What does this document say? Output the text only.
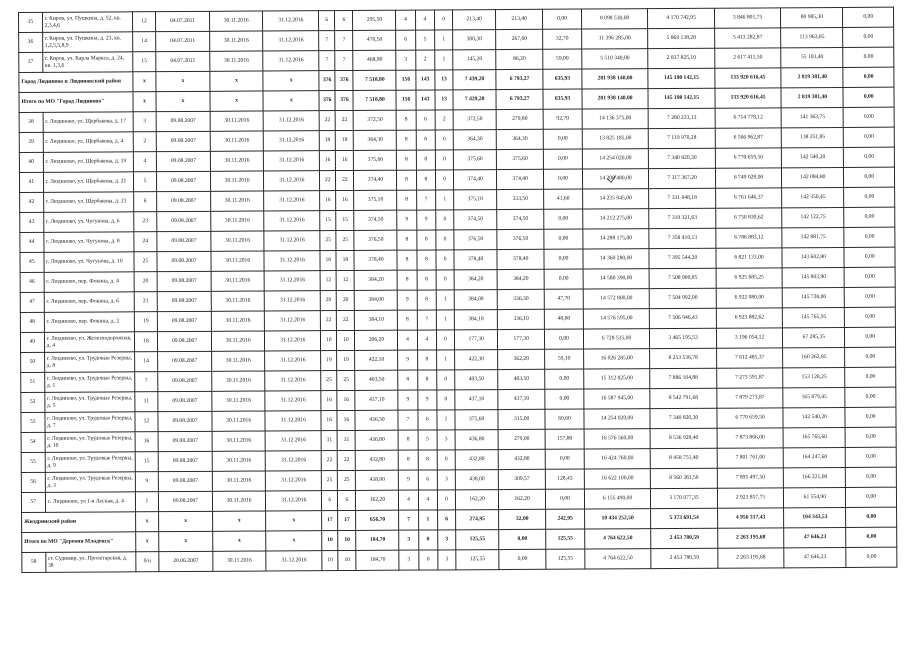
35	г. Киров, ул. Пушкина, д. 52, кв. 2,3,4,6	12	04.07.2011	30.11.2016	31.12.2016	6	6	295,50	4	4	0	213,40	213,40	0,00	8 098 530,00	4 170 742,95	3 846 801,75	80 985,30	0,00
36	г. Киров, ул. Пушкина, д. 23, кв. 1,2,5,5,8,9	14	04.07.2011	30.11.2016	31.12.2016	7	7	470,50	6	5	1	300,30	267,60	32,70	11 396 285,00	5 869 138,28	5 413 282,87	113 963,85	0,00
37	г. Киров, ул. Карла Маркса, д. 24, кв. 1,3,6	15	04.07.2011	30.11.2016	31.12.2016	7	7	468,80	3	2	1	145,20	86,20	59,00	5 510 340,00	2 837 825,10	2 617 411,50	55 103,40	0,00
Город Людиново и Людиновский район		x	x	x	x	376	376	7 518,80	156	143	13	7 439,20	6 793,27	635,93	281 938 140,00	145 198 142,15	133 920 616,45	2 819 381,40	0,00
Итого по МО "Город Людиново"		x	x	x	x	376	376	7 518,80	156	143	13	7 429,20	6 793,27	635,93	281 938 140,00	145 198 142,15	133 920 616,45	2 819 381,40	0,00
38	г. Людиново, ул. Щербакова, д. 17	3	09.08.2007	30.11.2016	31.12.2016	22	22	372,50	8	6	2	372,50	279,80	92,70	14 136 375,00	7 280 233,13	6 714 778,12	141 363,75	0,00
39	г. Людиново, ул. Щербакова, д. 4	2	09.08.2007	30.11.2016	31.12.2016	18	18	364,30	8	8	0	364,30	364,30	0,00	13 825 185,00	7 119 970,28	6 566 962,87	138 251,85	0,00
40	г. Людиново, ул. Щербакова, д. 19	4	09.08.2007	30.11.2016	31.12.2016	16	16	375,60	8	8	0	375,60	375,60	0,00	14 254 020,00	7 340 820,30	6 770 659,50	142 540,20	0,00
41	г. Людиново, ул. Щербакова, д. 21	5	09.08.2007	30.11.2016	31.12.2016	22	22	374,40	8	8	0	374,40	374,40	0,00	14 208 480,00	7 317 367,20	6 749 028,00	142 084,80	0,00
42	г. Людиново, ул. Щербакова, д. 23	6	09.08.2007	30.11.2016	31.12.2016	16	16	375,10	8	7	1	375,10	333,50	41,60	14 235 045,00	7 331 048,18	6 761 646,37	142 350,45	0,00
43	г. Людиново, ул. Чугунова, д. 6	23	09.08.2007	30.11.2016	31.12.2016	15	15	374,50	9	9	0	374,50	374,50	0,00	14 212 275,00	7 319 321,63	6 750 830,62	142 122,75	0,00
44	г. Людиново, ул. Чугунова, д. 8	24	09.08.2007	30.11.2016	31.12.2016	25	25	376,50	8	8	0	376,50	376,50	0,00	14 288 175,00	7 358 410,13	6 786 883,12	142 881,75	0,00
45	г. Людиново, ул. Чугунова, д. 10	25	09.08.2007	30.11.2016	31.12.2016	18	18	378,40	8	8	0	378,40	378,40	0,00	14 360 280,00	7 395 544,20	6 821 133,00	143 602,80	0,00
46	г. Людиново, пер. Фокина, д. 4	20	09.08.2007	30.11.2016	31.12.2016	12	12	384,20	8	8	0	384,20	384,20	0,00	14 580 390,00	7 508 900,85	6 925 685,25	145 803,90	0,00
47	г. Людиново, пер. Фокина, д. 6	21	09.08.2007	30.11.2016	31.12.2016	20	20	384,00	9	8	1	384,00	336,30	47,70	14 572 800,00	7 504 992,00	6 922 080,00	145 728,00	0,00
48	г. Людиново, пер. Фокина, д. 2	19	09.08.2007	30.11.2016	31.12.2016	22	22	384,10	8	7	1	384,10	336,10	48,00	14 576 595,00	7 506 946,43	6 923 882,62	145 765,95	0,00
49	г. Людиново, ул. Железнодорожная, д. 4	18	09.08.2007	30.11.2016	31.12.2016	10	10	206,20	4	4	0	177,30	177,30	0,00	6 728 535,00	3 465 195,53	3 196 054,12	67 285,35	0,00
50	г. Людиново, ул. Трудовые Резервы, д. 8	14	09.08.2007	30.11.2016	31.12.2016	19	19	422,10	9	8	1	422,30	362,20	59,10	16 026 285,00	8 253 536,78	7 612 485,37	160 262,85	0,00
51	г. Людиново, ул. Трудовые Резервы, д. 1	7	09.08.2007	30.11.2016	31.12.2016	25	25	403,50	8	8	0	403,50	403,50	0,00	15 312 825,00	7 886 104,88	7 273 591,87	153 128,25	0,00
52	г. Людиново, ул. Трудовые Резервы, д. 5	11	09.08.2007	30.11.2016	31.12.2016	16	16	437,10	9	9	0	437,10	437,10	0,00	16 587 945,00	8 542 791,68	7 879 273,87	165 879,45	0,00
53	г. Людиново, ул. Трудовые Резервы, д. 7	12	09.08.2007	30.11.2016	31.12.2016	16	16	436,30	7	6	1	375,60	315,00	60,60	14 254 020,00	7 340 820,30	6 770 659,50	142 540,20	0,00
54	г. Людиново, ул. Трудовые Резервы, д. 10	16	09.08.2007	30.11.2016	31.12.2016	31	31	436,80	8	5	3	436,80	279,00	157,80	16 576 560,00	8 536 928,40	7 873 866,00	165 765,60	0,00
55	г. Людиново, ул. Трудовые Резервы, д. 9	15	09.08.2007	30.11.2016	31.12.2016	22	22	432,80	8	8	0	432,80	432,80	0,00	16 424 760,00	8 458 751,40	7 801 761,00	164 247,60	0,00
56	г. Людиново, ул. Трудовые Резервы, д. 3	9	09.08.2007	30.11.2016	31.12.2016	25	25	438,00	9	6	3	438,00	309,57	128,43	16 622 100,00	8 560 381,50	7 895 497,50	166 221,00	0,00
57	с. Людиново, ул 1-я Лесная, д. 4	1	09.08.2007	30.11.2016	31.12.2016	6	6	162,20	4	4	0	162,20	162,20	0,00	6 155 490,00	3 170 077,35	2 923 857,75	61 554,90	0,00
Жиздринский район		x	x	x	x	17	17	656,70	7	1	6	274,95	32,00	242,95	10 434 252,50	5 373 691,54	4 956 317,43	104 343,53	0,00
Итого по МО "Деревня Младенск"		x	x	x	x	10	10	184,70	3	0	3	125,55	0,00	125,55	4 764 622,50	2 453 780,59	2 263 195,68	47 646,23	0,00
58	ст. Судимир, ул. Пролетарская, д. 38	б/н	20.06.2007	30.11.2016	31.12.2016	10	10	184,70	3	0	3	125,55	0,00	125,55	4 764 622,50	2 453 780,59	2 263 195,68	47 646,23	0,00
